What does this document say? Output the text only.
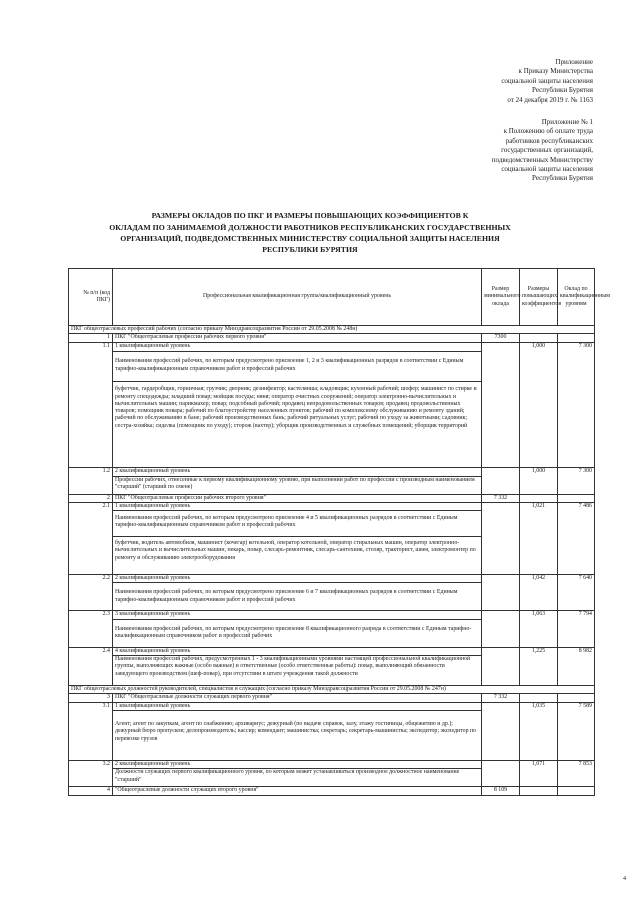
Приложение
к Приказу Министерства
социальной защиты населения
Республики Бурятия
от 24 декабря 2019 г. № 1163
Приложение № 1
к Положению об оплате труда
работников республиканских
государственных организаций,
подведомственных Министерству
социальной защиты населения
Республики Бурятия
РАЗМЕРЫ ОКЛАДОВ ПО ПКГ И РАЗМЕРЫ ПОВЫШАЮЩИХ КОЭФФИЦИЕНТОВ К
ОКЛАДАМ ПО ЗАНИМАЕМОЙ ДОЛЖНОСТИ РАБОТНИКОВ РЕСПУБЛИКАНСКИХ ГОСУДАРСТВЕННЫХ ОРГАНИЗАЦИЙ, ПОДВЕДОМСТВЕННЫХ МИНИСТЕРСТВУ СОЦИАЛЬНОЙ ЗАЩИТЫ НАСЕЛЕНИЯ РЕСПУБЛИКИ БУРЯТИЯ
№ п/п (код ПКГ)	Профессиональная квалификационная группа/квалификационный уровень	Размер минимального оклада	Размеры повышающих коэффициентов	Оклад по квалификационным уровням
ПКГ общеотраслевых профессий рабочих (согласно приказу Минздравсоцразвития России от 29.05.2008 № 248н)				
1	ПКГ "Общеотраслевые профессии рабочих первого уровня"	7300		
1.1	1 квалификационный уровень		1,000	7 300
	Наименования профессий рабочих, по которым предусмотрено присвоение 1, 2 и 3 квалификационных разрядов в соответствии с Единым тарифно-квалификационным справочником работ и профессий рабочих			
	буфетчик, гардеробщик, горничная; грузчик; дворник; дезинфектор; кастелянша; кладовщик; кухонный рабочий; шофер; машинист по стирке и ремонту спецодежды; младший повар; мойщик посуды; няня; оператор очистных сооружений; оператор электронно-вычислительных и вычислительных машин; парикмахер; повар; подсобный рабочий; продавец непродовольственных товаров; продавец продовольственных товаров; помощник повара; рабочий по благоустройству населенных пунктов; рабочий по комплексному обслуживанию и ремонту зданий; рабочий по обслуживанию в бане; рабочий производственных бань; рабочий ритуальных услуг; рабочий по уходу за животными; садовник; сестра-хозяйка; сиделка (помощник по уходу); сторож (вахтер); уборщик производственных и служебных помещений; уборщик территорий			
1.2	2 квалификационный уровень		1,000	7 300
	Профессии рабочих, отнесенные к первому квалификационному уровню, при выполнении работ по профессии с производным наименованием "старший" (старший по смене)			
2	ПКГ "Общеотраслевые профессии рабочих второго уровня"	7 332		
2.1	1 квалификационный уровень		1,021	7 486
	Наименования профессий рабочих, по которым предусмотрено присвоение 4 и 5 квалификационных разрядов в соответствии с Единым тарифно-квалификационным справочником работ и профессий рабочих			
	буфетчик, водитель автомобиля, машинист (кочегар) котельной, оператор котельной, оператор стиральных машин, оператор электронно-вычислительных и вычислительных машин, пекарь, повар, слесарь-ремонтник, слесарь-сантехник, столяр, тракторист, швея, электромонтер по ремонту и обслуживанию электрооборудования			
2.2	2 квалификационный уровень		1,042	7 640
	Наименования профессий рабочих, по которым предусмотрено присвоение 6 и 7 квалификационных разрядов в соответствии с Единым тарифно-квалификационным справочником работ и профессий рабочих			
2.3	3 квалификационный уровень		1,063	7 794
	Наименования профессий рабочих, по которым предусмотрено присвоение 8 квалификационного разряда в соответствии с Единым тарифно-квалификационным справочником работ и профессий рабочих			
2.4	4 квалификационный уровень		1,225	8 982
	Наименования профессий рабочих, предусмотренных 1 - 3 квалификационными уровнями настоящей профессиональной квалификационной группы, выполняющих важные (особо важные) и ответственные (особо ответственные работы): повар, выполняющий обязанности заведующего производством (шеф-повар), при отсутствии в штате учреждения такой должности			
ПКГ общеотраслевых должностей руководителей, специалистов и служащих (согласно приказу Минздравсоцразвития России от 29.05.2008 № 247н)				
3	ПКГ "Общеотраслевые должности служащих первого уровня"	7 332		
3.1	1 квалификационный уровень		1,035	7 589
	Агент; агент по закупкам, агент по снабжению; архивариус; дежурный (по выдаче справок, залу, этажу гостиницы, общежитию и др.); дежурный бюро пропусков; делопроизводитель; кассир; комендант; машинистка; секретарь; секретарь-машинистка; экспедитор; экспедитор по перевозке грузов			
3.2	2 квалификационный уровень		1,071	7 853
	Должности служащих первого квалификационного уровня, по которым может устанавливаться производное должностное наименование "старший"			
4	"Общеотраслевые должности служащих второго уровня"	8 109		
4
